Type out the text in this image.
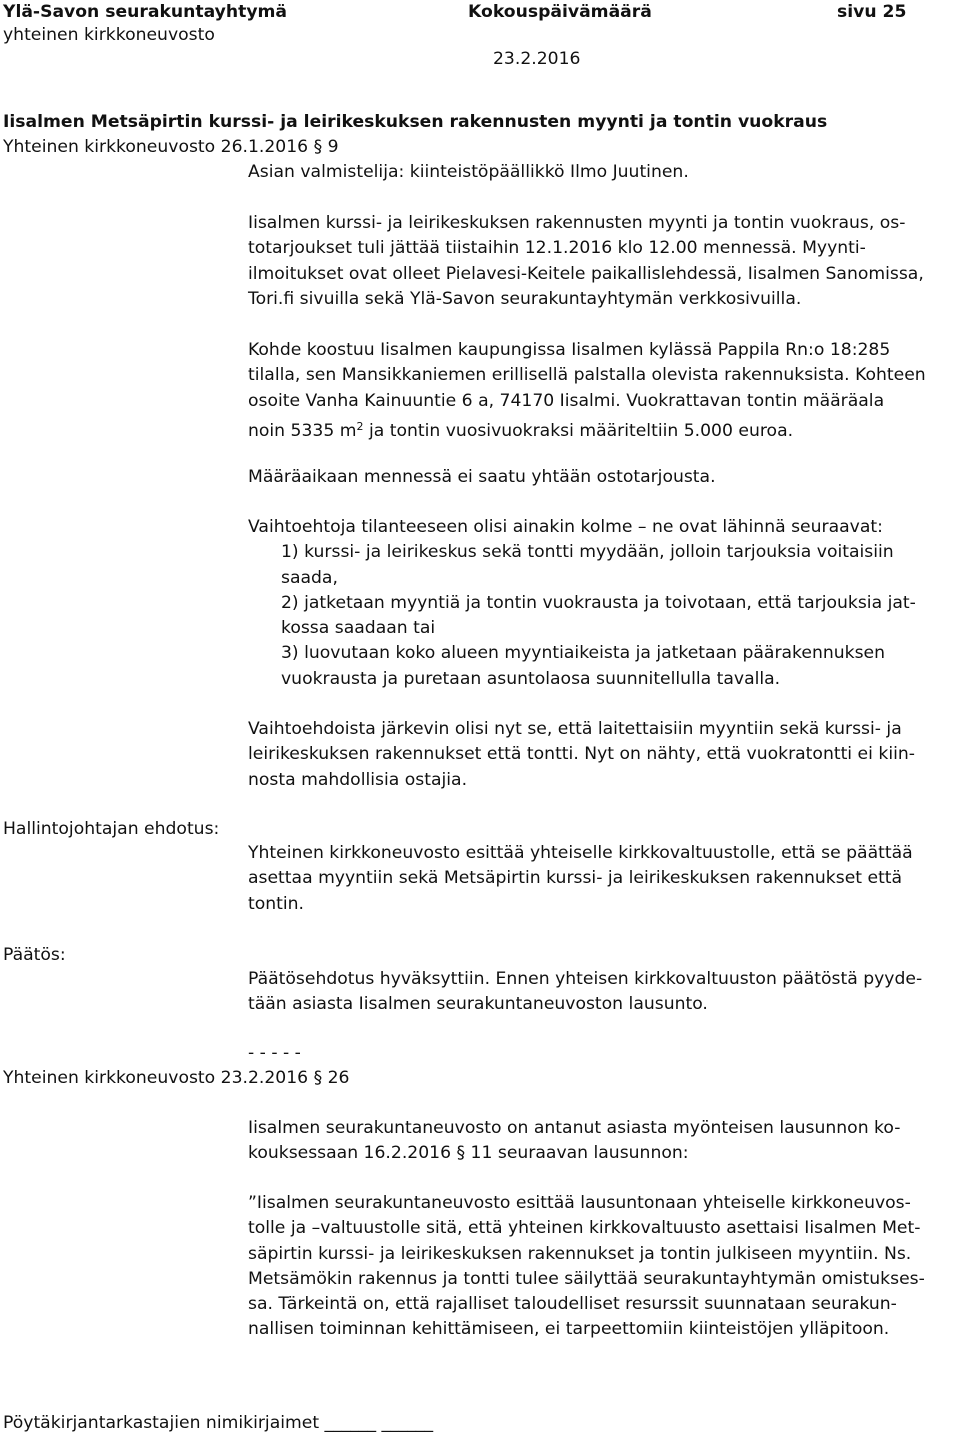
Ylä-Savon seurakuntayhtymä
yhteinen kirkkoneuvosto
Kokouspäivämäärä
23.2.2016
sivu 25
Iisalmen Metsäpirtin kurssi- ja leirikeskuksen rakennusten myynti ja tontin vuokraus
Yhteinen kirkkoneuvosto 26.1.2016 § 9
Asian valmistelija: kiinteistöpäällikkö Ilmo Juutinen.
Iisalmen kurssi- ja leirikeskuksen rakennusten myynti ja tontin vuokraus, os-
totarjoukset tuli jättää tiistaihin 12.1.2016 klo 12.00 mennessä. Myynti-
ilmoitukset ovat olleet Pielavesi-Keitele paikallislehdessä, Iisalmen Sanomissa,
Tori.fi sivuilla sekä Ylä-Savon seurakuntayhtymän verkkosivuilla.
Kohde koostuu Iisalmen kaupungissa Iisalmen kylässä Pappila Rn:o 18:285
tilalla, sen Mansikkaniemen erillisellä palstalla olevista rakennuksista. Kohteen
osoite Vanha Kainuuntie 6 a, 74170 Iisalmi. Vuokrattavan tontin määräala
noin 5335 $m^2$ ja tontin vuosivuokraksi määriteltiin 5.000 euroa.
Määräaikaan mennessä ei saatu yhtään ostotarjousta.
Vaihtoehtoja tilanteeseen olisi ainakin kolme – ne ovat lähinnä seuraavat:
1) kurssi- ja leirikeskus sekä tontti myydään, jolloin tarjouksia voitaisiin
saada,
2) jatketaan myyntiä ja tontin vuokrausta ja toivotaan, että tarjouksia jat-
kossa saadaan tai
3) luovutaan koko alueen myyntiaikeista ja jatketaan päärakennuksen
vuokrausta ja puretaan asuntolaosa suunnitellulla tavalla.
Vaihtoehdoista järkevin olisi nyt se, että laitettaisiin myyntiin sekä kurssi- ja
leirikeskuksen rakennukset että tontti. Nyt on nähty, että vuokratontti ei kiin-
nosta mahdollisia ostajia.
Hallintojohtajan ehdotus:
Yhteinen kirkkoneuvosto esittää yhteiselle kirkkovaltuustolle, että se päättää
asettaa myyntiin sekä Metsäpirtin kurssi- ja leirikeskuksen rakennukset että
tontin.
Päätös:
Päätösehdotus hyväksyttiin. Ennen yhteisen kirkkovaltuuston päätöstä pyyde-
tään asiasta Iisalmen seurakuntaneuvoston lausunto.
- - - - -
Yhteinen kirkkoneuvosto 23.2.2016 § 26
Iisalmen seurakuntaneuvosto on antanut asiasta myönteisen lausunnon ko-
kouksessaan 16.2.2016 § 11 seuraavan lausunnon:
”Iisalmen seurakuntaneuvosto esittää lausuntonaan yhteiselle kirkkoneuvos-
tolle ja –valtuustolle sitä, että yhteinen kirkkovaltuusto asettaisi Iisalmen Met-
säpirtin kurssi- ja leirikeskuksen rakennukset ja tontin julkiseen myyntiin. Ns.
Metsämökin rakennus ja tontti tulee säilyttää seurakuntayhtymän omistukses-
sa. Tärkeintä on, että rajalliset taloudelliset resurssit suunnataan seurakun-
nallisen toiminnan kehittämiseen, ei tarpeettomiin kiinteistöjen ylläpitoon.
Pöytäkirjantarkastajien nimikirjaimet ______ ______
